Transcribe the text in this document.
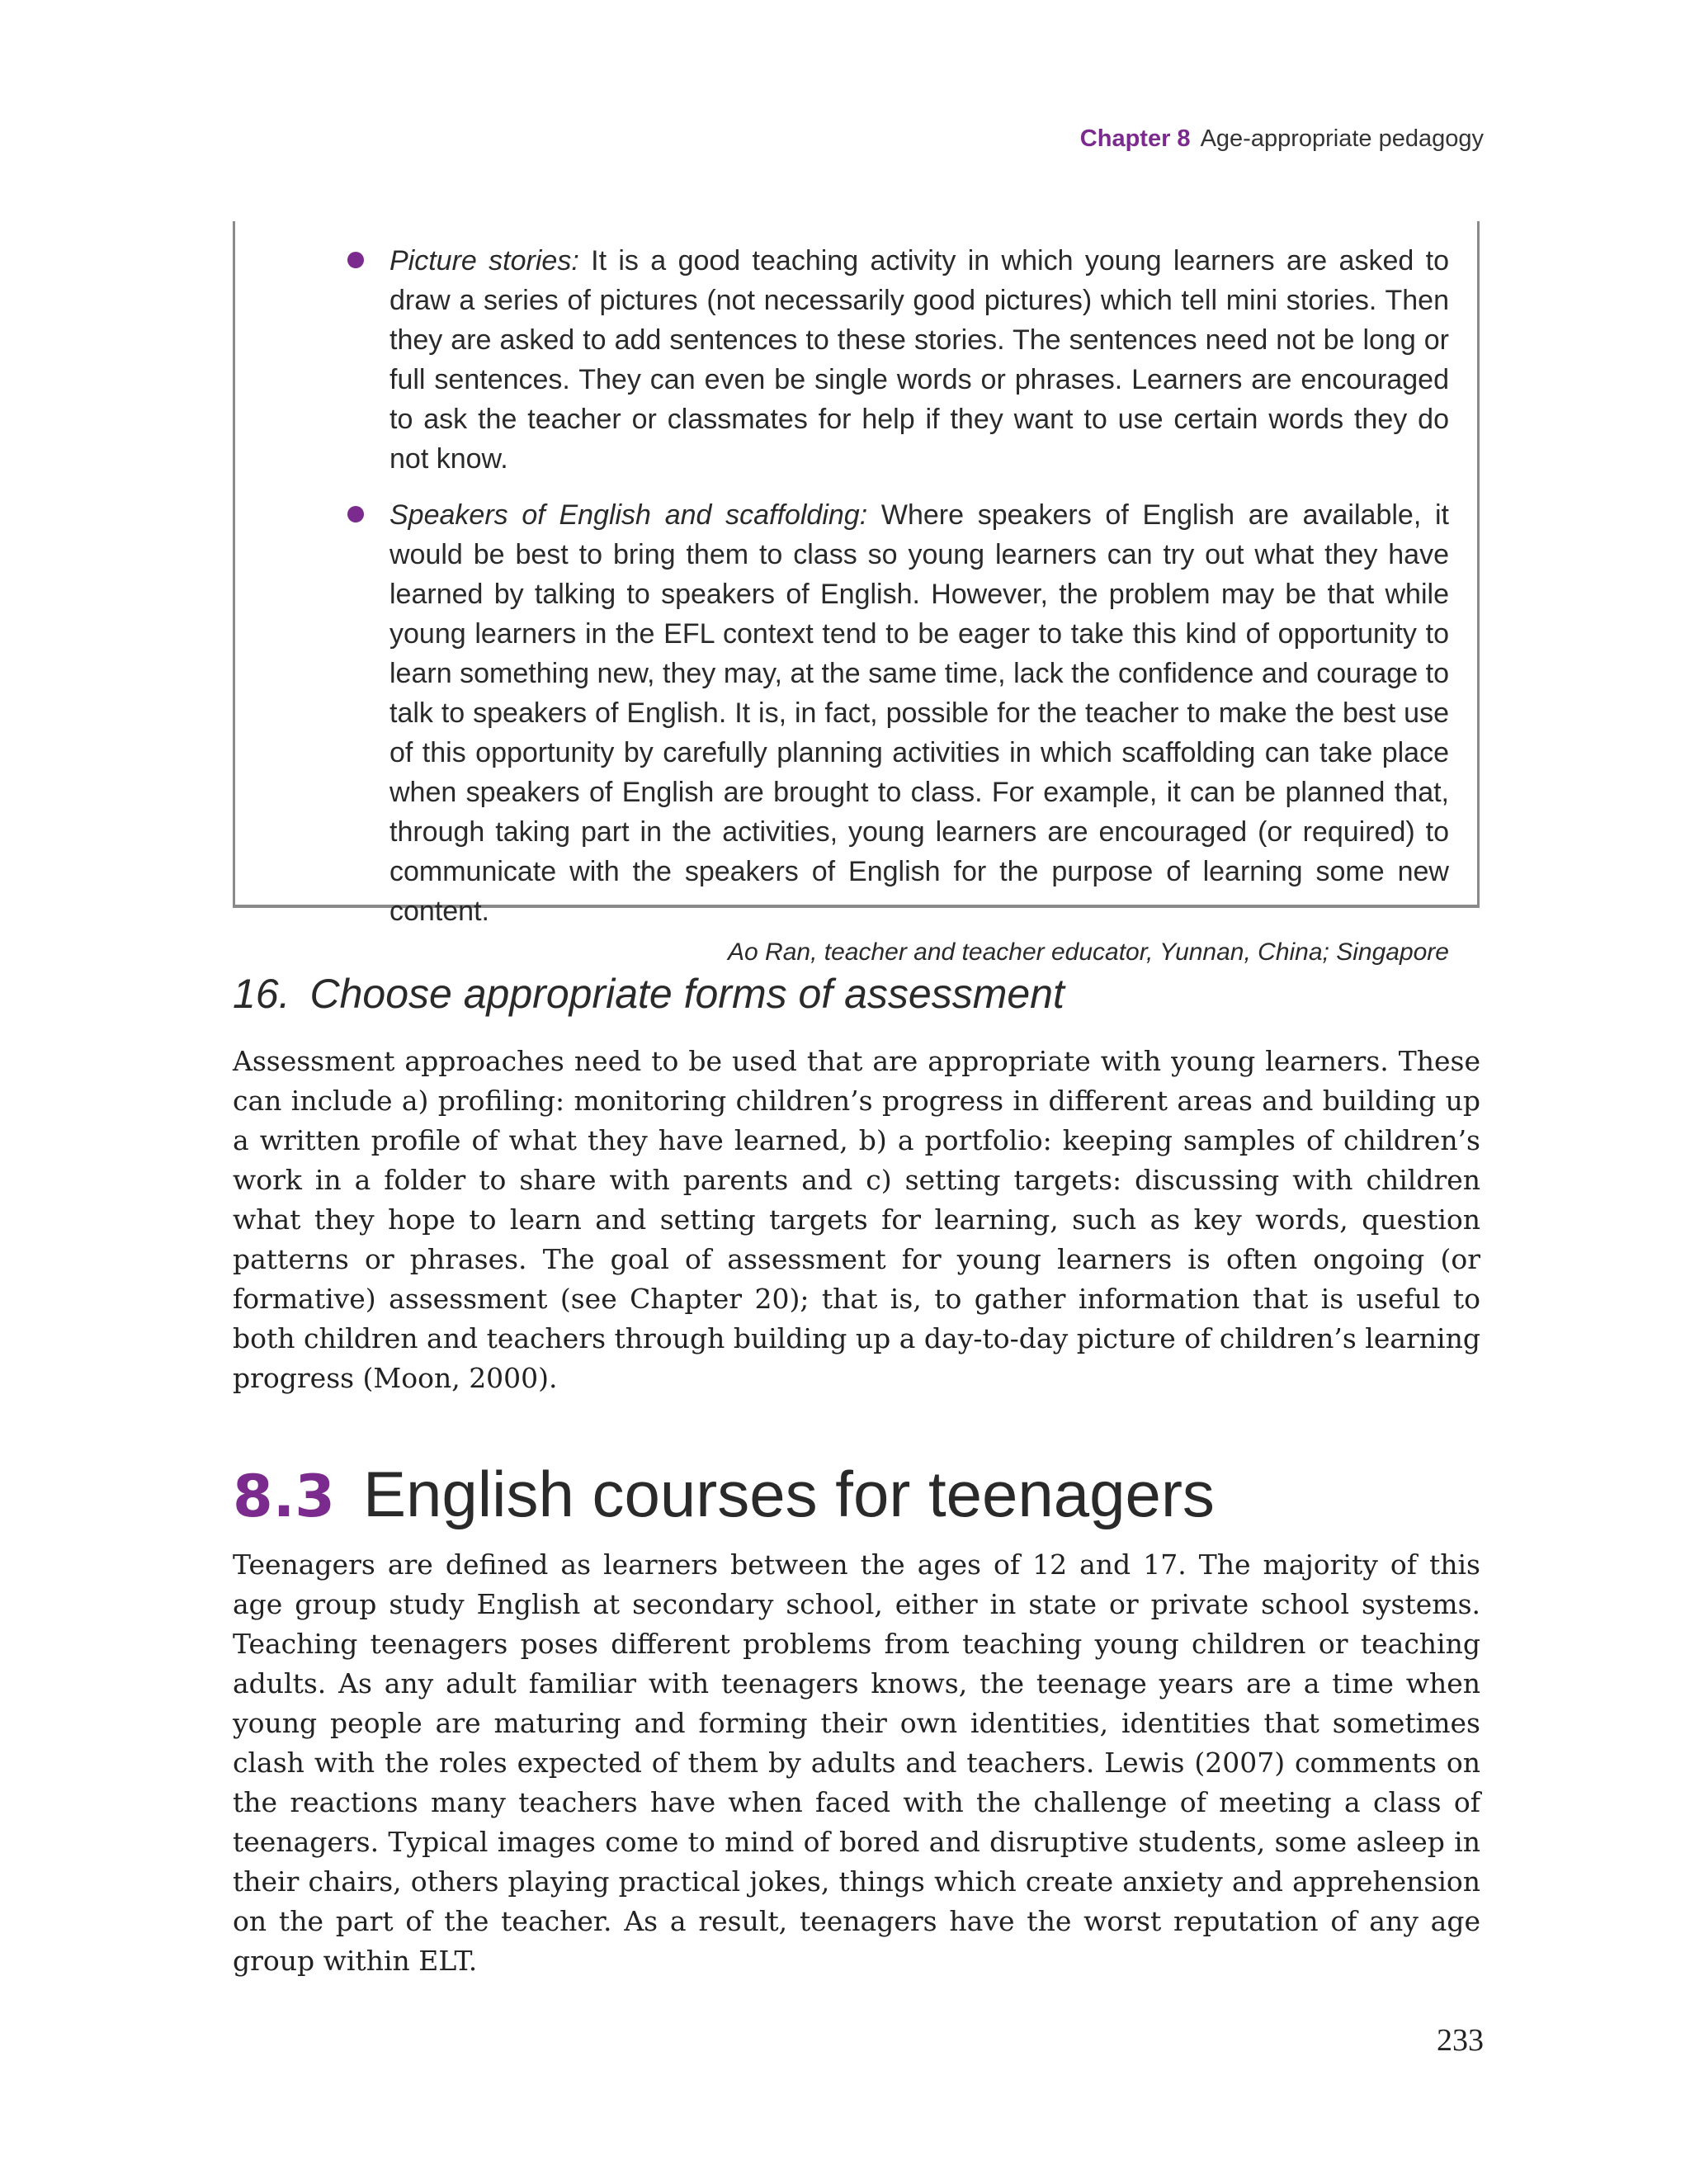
Chapter 8 Age-appropriate pedagogy
Picture stories: It is a good teaching activity in which young learners are asked to draw a series of pictures (not necessarily good pictures) which tell mini stories. Then they are asked to add sentences to these stories. The sentences need not be long or full sentences. They can even be single words or phrases. Learners are encouraged to ask the teacher or classmates for help if they want to use certain words they do not know.
Speakers of English and scaffolding: Where speakers of English are available, it would be best to bring them to class so young learners can try out what they have learned by talking to speakers of English. However, the problem may be that while young learners in the EFL context tend to be eager to take this kind of opportunity to learn something new, they may, at the same time, lack the confidence and courage to talk to speakers of English. It is, in fact, possible for the teacher to make the best use of this opportunity by carefully planning activities in which scaffolding can take place when speakers of English are brought to class. For example, it can be planned that, through taking part in the activities, young learners are encouraged (or required) to communicate with the speakers of English for the purpose of learning some new content.
Ao Ran, teacher and teacher educator, Yunnan, China; Singapore
16. Choose appropriate forms of assessment

Assessment approaches need to be used that are appropriate with young learners. These can include a) profiling: monitoring children’s progress in different areas and building up a written profile of what they have learned, b) a portfolio: keeping samples of children’s work in a folder to share with parents and c) setting targets: discussing with children what they hope to learn and setting targets for learning, such as key words, question patterns or phrases. The goal of assessment for young learners is often ongoing (or formative) assessment (see Chapter 20); that is, to gather information that is useful to both children and teachers through building up a day-to-day picture of children’s learning progress (Moon, 2000).

8.3 English courses for teenagers

Teenagers are defined as learners between the ages of 12 and 17. The majority of this age group study English at secondary school, either in state or private school systems. Teaching teenagers poses different problems from teaching young children or teaching adults. As any adult familiar with teenagers knows, the teenage years are a time when young people are maturing and forming their own identities, identities that sometimes clash with the roles expected of them by adults and teachers. Lewis (2007) comments on the reactions many teachers have when faced with the challenge of meeting a class of teenagers. Typical images come to mind of bored and disruptive students, some asleep in their chairs, others playing practical jokes, things which create anxiety and apprehension on the part of the teacher. As a result, teenagers have the worst reputation of any age group within ELT.

233
